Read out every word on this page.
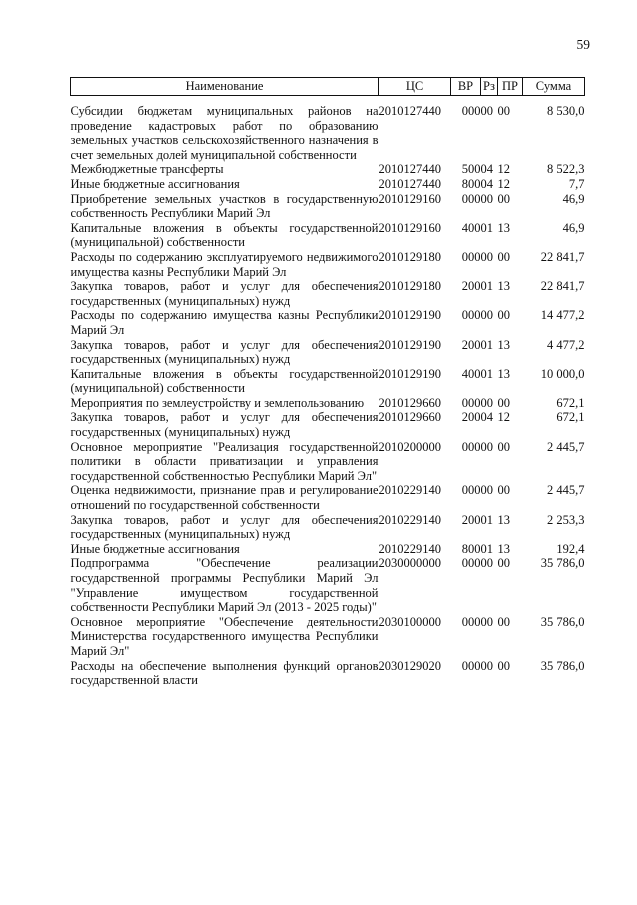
59
Наименование	ЦС	ВР	Рз	ПР	Сумма
Субсидии бюджетам муниципальных районов на проведение кадастровых работ по образованию земельных участков сельскохозяйственного назначения в счет земельных долей муниципальной собственности	2010127440	000	00	00	8 530,0
Межбюджетные трансферты	2010127440	500	04	12	8 522,3
Иные бюджетные ассигнования	2010127440	800	04	12	7,7
Приобретение земельных участков в государственную собственность Республики Марий Эл	2010129160	000	00	00	46,9
Капитальные вложения в объекты государственной (муниципальной) собственности	2010129160	400	01	13	46,9
Расходы по содержанию эксплуатируемого недвижимого имущества казны Республики Марий Эл	2010129180	000	00	00	22 841,7
Закупка товаров, работ и услуг для обеспечения государственных (муниципальных) нужд	2010129180	200	01	13	22 841,7
Расходы по содержанию имущества казны Республики Марий Эл	2010129190	000	00	00	14 477,2
Закупка товаров, работ и услуг для обеспечения государственных (муниципальных) нужд	2010129190	200	01	13	4 477,2
Капитальные вложения в объекты государственной (муниципальной) собственности	2010129190	400	01	13	10 000,0
Мероприятия по землеустройству и землепользованию	2010129660	000	00	00	672,1
Закупка товаров, работ и услуг для обеспечения государственных (муниципальных) нужд	2010129660	200	04	12	672,1
Основное мероприятие "Реализация государственной политики в области приватизации и управления государственной собственностью Республики Марий Эл"	2010200000	000	00	00	2 445,7
Оценка недвижимости, признание прав и регулирование отношений по государственной собственности	2010229140	000	00	00	2 445,7
Закупка товаров, работ и услуг для обеспечения государственных (муниципальных) нужд	2010229140	200	01	13	2 253,3
Иные бюджетные ассигнования	2010229140	800	01	13	192,4
Подпрограмма "Обеспечение реализации государственной программы Республики Марий Эл "Управление имуществом государственной собственности Республики Марий Эл (2013 - 2025 годы)"	2030000000	000	00	00	35 786,0
Основное мероприятие "Обеспечение деятельности Министерства государственного имущества Республики Марий Эл"	2030100000	000	00	00	35 786,0
Расходы на обеспечение выполнения функций органов государственной власти	2030129020	000	00	00	35 786,0
